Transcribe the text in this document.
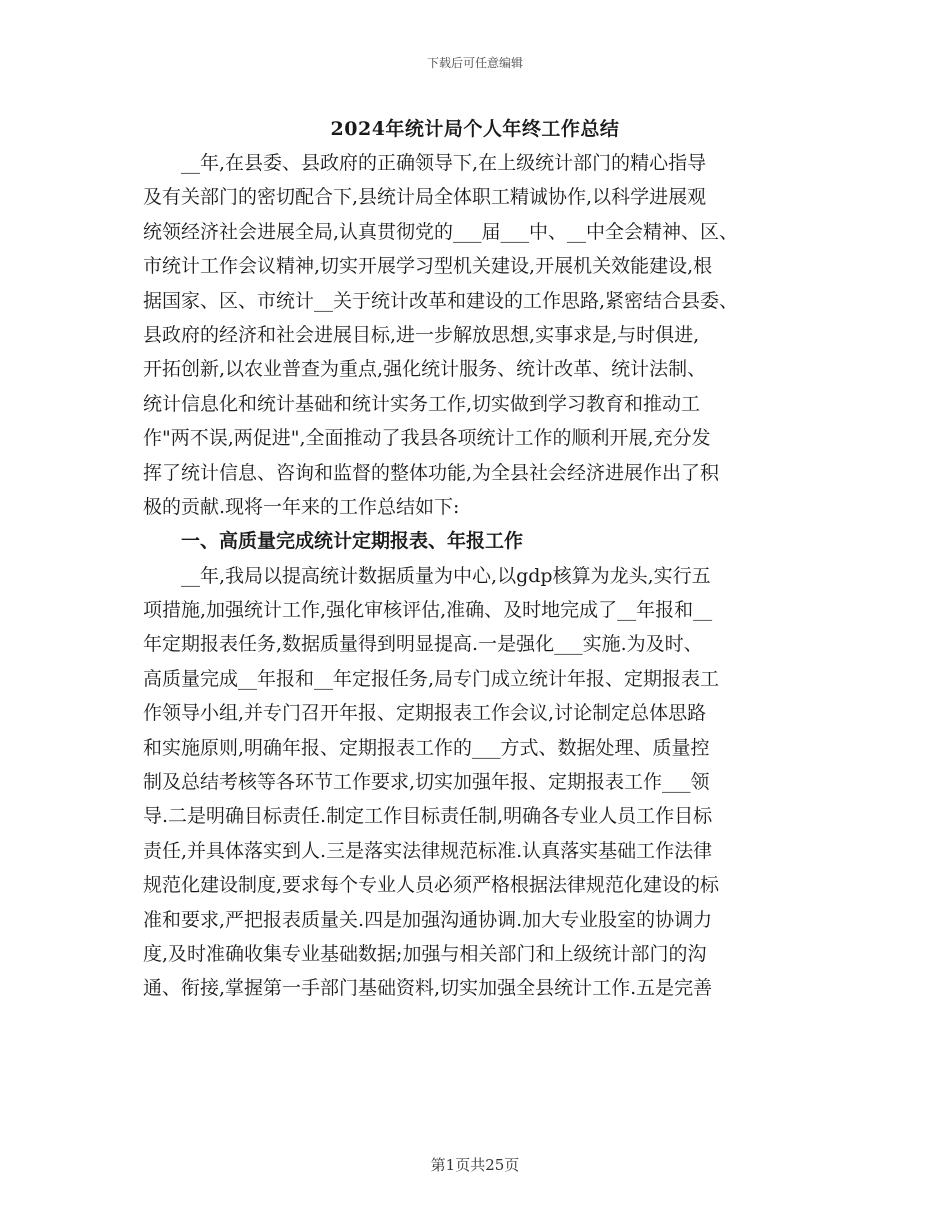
下载后可任意编辑
2024年统计局个人年终工作总结
__年,在县委、县政府的正确领导下,在上级统计部门的精心指导
及有关部门的密切配合下,县统计局全体职工精诚协作,以科学进展观
统领经济社会进展全局,认真贯彻党的___届___中、__中全会精神、区、
市统计工作会议精神,切实开展学习型机关建设,开展机关效能建设,根
据国家、区、市统计__关于统计改革和建设的工作思路,紧密结合县委、
县政府的经济和社会进展目标,进一步解放思想,实事求是,与时俱进,
开拓创新,以农业普查为重点,强化统计服务、统计改革、统计法制、
统计信息化和统计基础和统计实务工作,切实做到学习教育和推动工
作"两不误,两促进",全面推动了我县各项统计工作的顺利开展,充分发
挥了统计信息、咨询和监督的整体功能,为全县社会经济进展作出了积
极的贡献.现将一年来的工作总结如下:
一、高质量完成统计定期报表、年报工作
__年,我局以提高统计数据质量为中心,以gdp核算为龙头,实行五
项措施,加强统计工作,强化审核评估,准确、及时地完成了__年报和__
年定期报表任务,数据质量得到明显提高.一是强化___实施.为及时、
高质量完成__年报和__年定报任务,局专门成立统计年报、定期报表工
作领导小组,并专门召开年报、定期报表工作会议,讨论制定总体思路
和实施原则,明确年报、定期报表工作的___方式、数据处理、质量控
制及总结考核等各环节工作要求,切实加强年报、定期报表工作___领
导.二是明确目标责任.制定工作目标责任制,明确各专业人员工作目标
责任,并具体落实到人.三是落实法律规范标准.认真落实基础工作法律
规范化建设制度,要求每个专业人员必须严格根据法律规范化建设的标
准和要求,严把报表质量关.四是加强沟通协调.加大专业股室的协调力
度,及时准确收集专业基础数据;加强与相关部门和上级统计部门的沟
通、衔接,掌握第一手部门基础资料,切实加强全县统计工作.五是完善
第1页共25页
